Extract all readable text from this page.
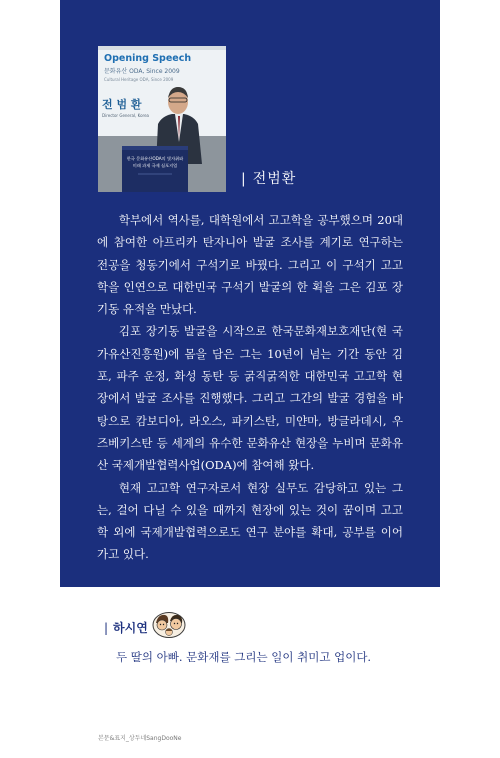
Opening Speech
문화유산 ODA, Since 2009
Cultural Heritage ODA, Since 2009
전 범 환
Director General, Korea
한국 문화유산ODA의 빛자취와
미래 과제 국제 심포지엄
| 전범환

학부에서 역사를, 대학원에서 고고학을 공부했으며 20대에 참여한 아프리카 탄자니아 발굴 조사를 계기로 연구하는 전공을 청동기에서 구석기로 바꿨다. 그리고 이 구석기 고고학을 인연으로 대한민국 구석기 발굴의 한 획을 그은 김포 장기동 유적을 만났다.

김포 장기동 발굴을 시작으로 한국문화재보호재단(현 국가유산진흥원)에 몸을 담은 그는 10년이 넘는 기간 동안 김포, 파주 운정, 화성 동탄 등 굵직굵직한 대한민국 고고학 현장에서 발굴 조사를 진행했다. 그리고 그간의 발굴 경험을 바탕으로 캄보디아, 라오스, 파키스탄, 미얀마, 방글라데시, 우즈베키스탄 등 세계의 유수한 문화유산 현장을 누비며 문화유산 국제개발협력사업(ODA)에 참여해 왔다.

현재 고고학 연구자로서 현장 실무도 감당하고 있는 그는, 걸어 다닐 수 있을 때까지 현장에 있는 것이 꿈이며 고고학 외에 국제개발협력으로도 연구 분야를 확대, 공부를 이어가고 있다.

| 하시연
두 딸의 아빠. 문화재를 그리는 일이 취미고 업이다.
본문&표지_상두네SangDooNe
